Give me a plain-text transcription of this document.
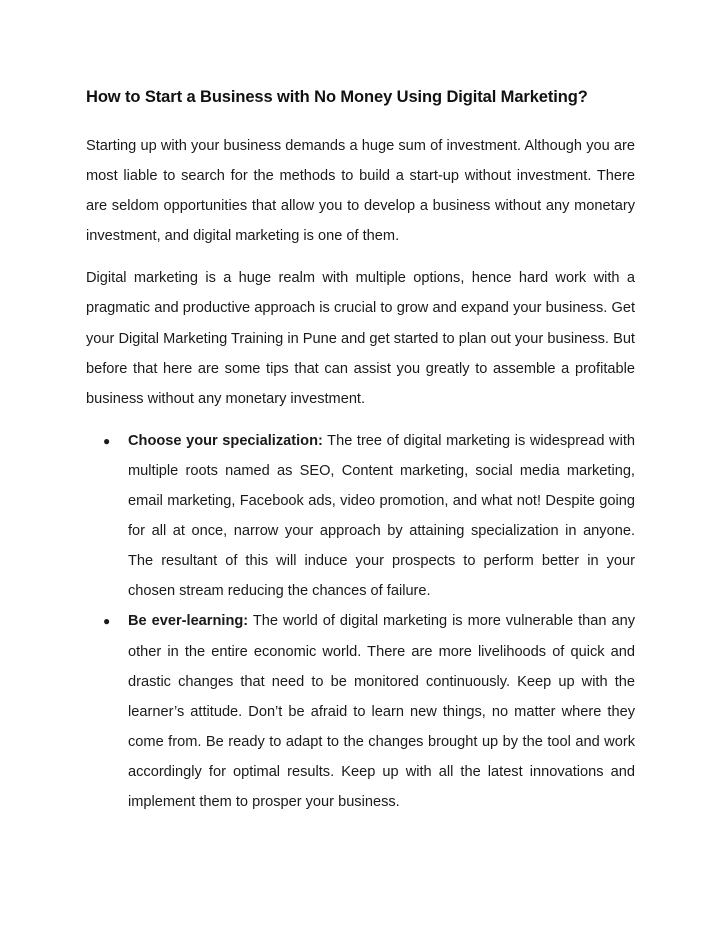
How to Start a Business with No Money Using Digital Marketing?

Starting up with your business demands a huge sum of investment. Although you are most liable to search for the methods to build a start-up without investment. There are seldom opportunities that allow you to develop a business without any monetary investment, and digital marketing is one of them.

Digital marketing is a huge realm with multiple options, hence hard work with a pragmatic and productive approach is crucial to grow and expand your business. Get your Digital Marketing Training in Pune and get started to plan out your business. But before that here are some tips that can assist you greatly to assemble a profitable business without any monetary investment.

● Choose your specialization: The tree of digital marketing is widespread with multiple roots named as SEO, Content marketing, social media marketing, email marketing, Facebook ads, video promotion, and what not! Despite going for all at once, narrow your approach by attaining specialization in anyone. The resultant of this will induce your prospects to perform better in your chosen stream reducing the chances of failure.
● Be ever-learning: The world of digital marketing is more vulnerable than any other in the entire economic world. There are more livelihoods of quick and drastic changes that need to be monitored continuously. Keep up with the learner’s attitude. Don’t be afraid to learn new things, no matter where they come from. Be ready to adapt to the changes brought up by the tool and work accordingly for optimal results. Keep up with all the latest innovations and implement them to prosper your business.
